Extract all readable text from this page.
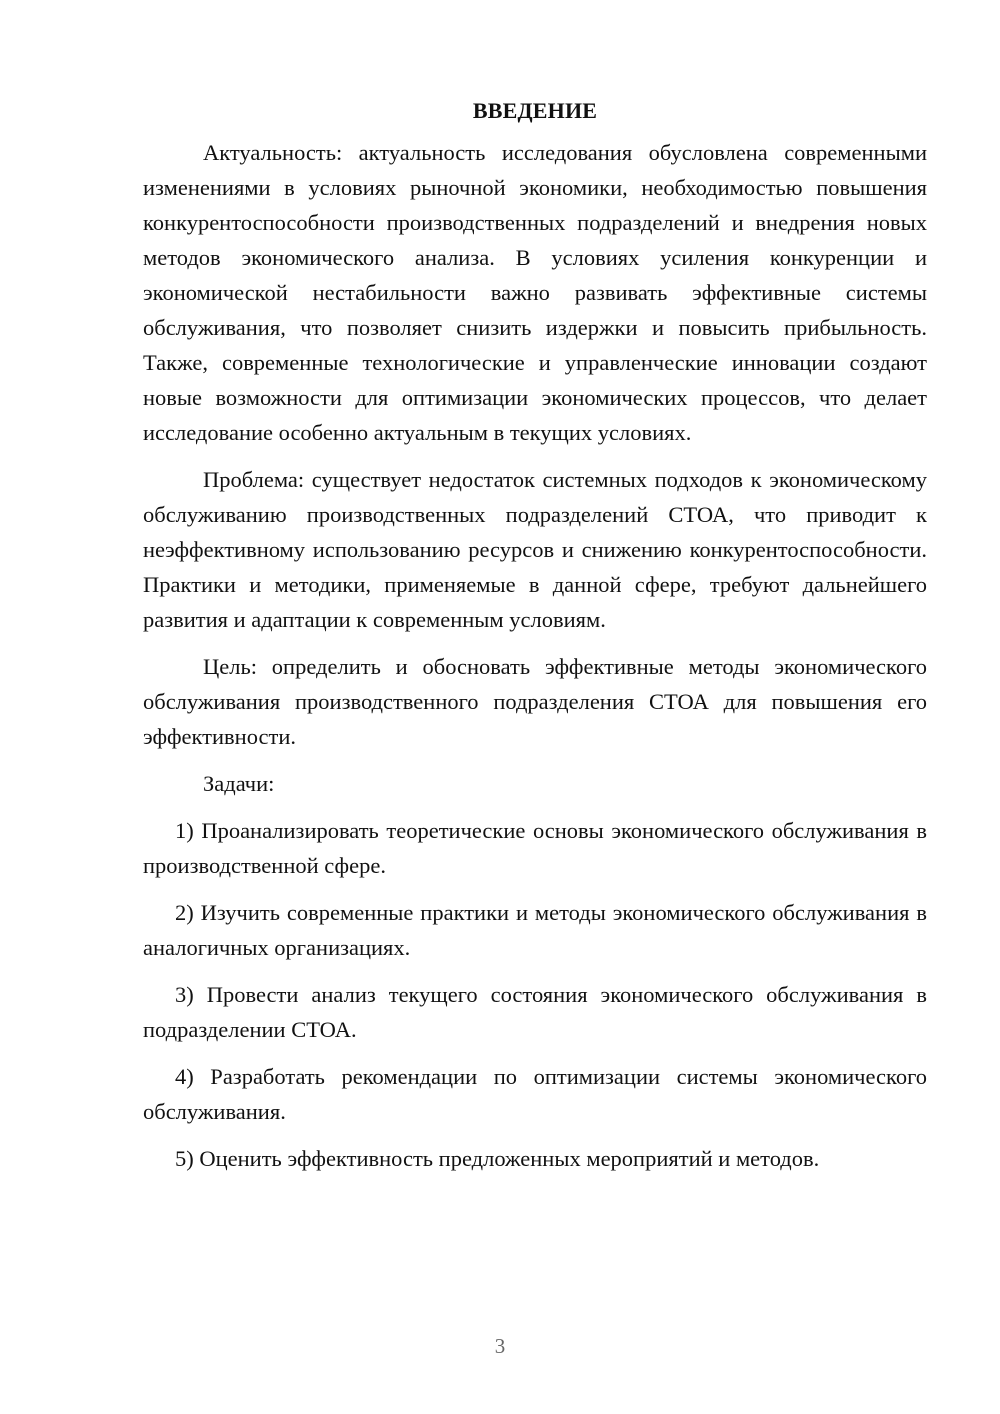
ВВЕДЕНИЕ

Актуальность: актуальность исследования обусловлена современными изменениями в условиях рыночной экономики, необходимостью повышения конкурентоспособности производственных подразделений и внедрения новых методов экономического анализа. В условиях усиления конкуренции и экономической нестабильности важно развивать эффективные системы обслуживания, что позволяет снизить издержки и повысить прибыльность. Также, современные технологические и управленческие инновации создают новые возможности для оптимизации экономических процессов, что делает исследование особенно актуальным в текущих условиях.

Проблема: существует недостаток системных подходов к экономическому обслуживанию производственных подразделений СТОА, что приводит к неэффективному использованию ресурсов и снижению конкурентоспособности. Практики и методики, применяемые в данной сфере, требуют дальнейшего развития и адаптации к современным условиям.

Цель: определить и обосновать эффективные методы экономического обслуживания производственного подразделения СТОА для повышения его эффективности.

Задачи:

1) Проанализировать теоретические основы экономического обслуживания в производственной сфере.

2) Изучить современные практики и методы экономического обслуживания в аналогичных организациях.

3) Провести анализ текущего состояния экономического обслуживания в подразделении СТОА.

4) Разработать рекомендации по оптимизации системы экономического обслуживания.

5) Оценить эффективность предложенных мероприятий и методов.

3
